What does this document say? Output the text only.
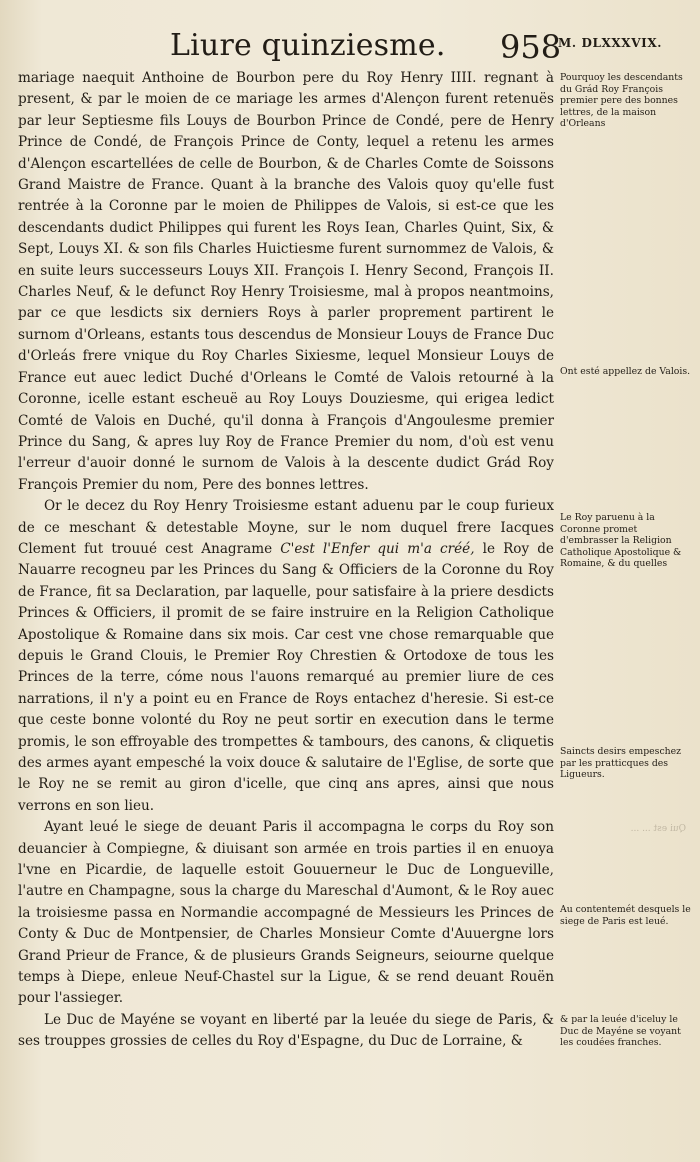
Liure quinziesme. 958
M. DLXXXVIX.

mariage naequit Anthoine de Bourbon pere du Roy Henry IIII. regnant à present, & par le moien de ce mariage les armes d'Alençon furent retenuës par leur Septiesme fils Louys de Bourbon Prince de Condé, pere de Henry Prince de Condé, de François Prince de Conty, lequel a retenu les armes d'Alençon escartellées de celle de Bourbon, & de Charles Comte de Soissons Grand Maistre de France. Quant à la branche des Valois quoy qu'elle fust rentrée à la Coronne par le moien de Philippes de Valois, si est-ce que les descendants dudict Philippes qui furent les Roys Iean, Charles Quint, Six, & Sept, Louys XI. & son fils Charles Huictiesme furent surnommez de Valois, & en suite leurs successeurs Louys XII. François I. Henry Second, François II. Charles Neuf, & le defunct Roy Henry Troisiesme, mal à propos neantmoins, par ce que lesdicts six derniers Roys à parler proprement partirent le surnom d'Orleans, estants tous descendus de Monsieur Louys de France Duc d'Orleás frere vnique du Roy Charles Sixiesme, lequel Monsieur Louys de France eut auec ledict Duché d'Orleans le Comté de Valois retourné à la Coronne, icelle estant escheuë au Roy Louys Douziesme, qui erigea ledict Comté de Valois en Duché, qu'il donna à François d'Angoulesme premier Prince du Sang, & apres luy Roy de France Premier du nom, d'où est venu l'erreur d'auoir donné le surnom de Valois à la descente dudict Grád Roy François Premier du nom, Pere des bonnes lettres.

Or le decez du Roy Henry Troisiesme estant aduenu par le coup furieux de ce meschant & detestable Moyne, sur le nom duquel frere Iacques Clement fut trouué cest Anagrame C'est l'Enfer qui m'a créé, le Roy de Nauarre recogneu par les Princes du Sang & Officiers de la Coronne du Roy de France, fit sa Declaration, par laquelle, pour satisfaire à la priere desdicts Princes & Officiers, il promit de se faire instruire en la Religion Catholique Apostolique & Romaine dans six mois. Car cest vne chose remarquable que depuis le Grand Clouis, le Premier Roy Chrestien & Ortodoxe de tous les Princes de la terre, cóme nous l'auons remarqué au premier liure de ces narrations, il n'y a point eu en France de Roys entachez d'heresie. Si est-ce que ceste bonne volonté du Roy ne peut sortir en execution dans le terme promis, le son effroyable des trompettes & tambours, des canons, & cliquetis des armes ayant empesché la voix douce & salutaire de l'Eglise, de sorte que le Roy ne se remit au giron d'icelle, que cinq ans apres, ainsi que nous verrons en son lieu.

Ayant leué le siege de deuant Paris il accompagna le corps du Roy son deuancier à Compiegne, & diuisant son armée en trois parties il en enuoya l'vne en Picardie, de laquelle estoit Gouuerneur le Duc de Longueville, l'autre en Champagne, sous la charge du Mareschal d'Aumont, & le Roy auec la troisiesme passa en Normandie accompagné de Messieurs les Princes de Conty & Duc de Montpensier, de Charles Monsieur Comte d'Auuergne lors Grand Prieur de France, & de plusieurs Grands Seigneurs, seiourne quelque temps à Diepe, enleue Neuf-Chastel sur la Ligue, & se rend deuant Rouën pour l'assieger.

Le Duc de Mayéne se voyant en liberté par la leuée du siege de Paris, & ses trouppes grossies de celles du Roy d'Espagne, du Duc de Lorraine, &

Pourquoy les descendants du Grád Roy François premier pere des bonnes lettres, de la maison d'Orleans
Ont esté appellez de Valois.
Le Roy paruenu à la Coronne promet d'embrasser la Religion Catholique Apostolique & Romaine, & du quelles
Saincts desirs empeschez par les pratticques des Ligueurs.
Au contentemét desquels le siege de Paris est leué.
& par la leuée d'iceluy le Duc de Mayéne se voyant les coudées franches.
Qui est ... ...
